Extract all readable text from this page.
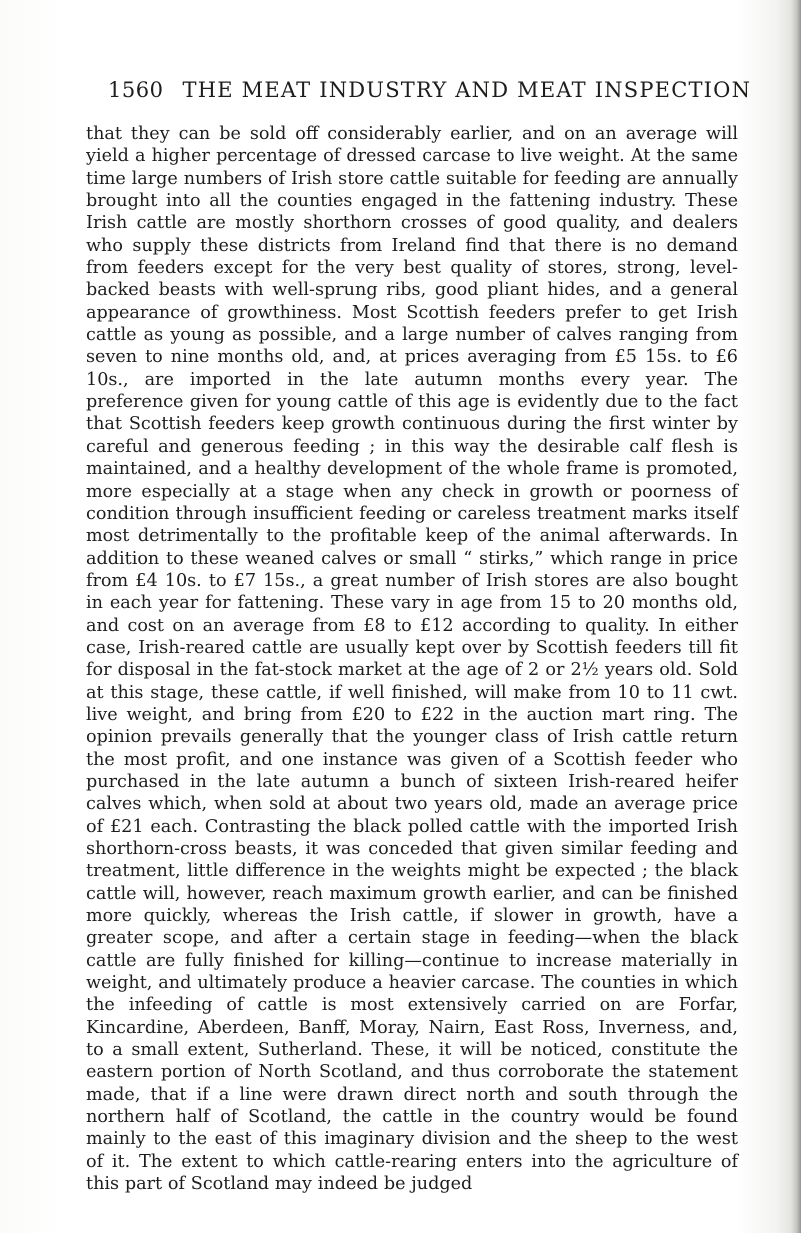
1560 THE MEAT INDUSTRY AND MEAT INSPECTION

that they can be sold off considerably earlier, and on an average will yield a higher percentage of dressed carcase to live weight. At the same time large numbers of Irish store cattle suitable for feeding are annually brought into all the counties engaged in the fattening industry. These Irish cattle are mostly shorthorn crosses of good quality, and dealers who supply these districts from Ireland find that there is no demand from feeders except for the very best quality of stores, strong, level-backed beasts with well-sprung ribs, good pliant hides, and a general appearance of growthiness. Most Scottish feeders prefer to get Irish cattle as young as possible, and a large number of calves ranging from seven to nine months old, and, at prices averaging from £5 15s. to £6 10s., are imported in the late autumn months every year. The preference given for young cattle of this age is evidently due to the fact that Scottish feeders keep growth continuous during the first winter by careful and generous feeding ; in this way the desirable calf flesh is maintained, and a healthy development of the whole frame is promoted, more especially at a stage when any check in growth or poorness of condition through insufficient feeding or careless treatment marks itself most detrimentally to the profitable keep of the animal afterwards. In addition to these weaned calves or small “ stirks,” which range in price from £4 10s. to £7 15s., a great number of Irish stores are also bought in each year for fattening. These vary in age from 15 to 20 months old, and cost on an average from £8 to £12 according to quality. In either case, Irish-reared cattle are usually kept over by Scottish feeders till fit for disposal in the fat-stock market at the age of 2 or 2½ years old. Sold at this stage, these cattle, if well finished, will make from 10 to 11 cwt. live weight, and bring from £20 to £22 in the auction mart ring. The opinion prevails generally that the younger class of Irish cattle return the most profit, and one instance was given of a Scottish feeder who purchased in the late autumn a bunch of sixteen Irish-reared heifer calves which, when sold at about two years old, made an average price of £21 each. Contrasting the black polled cattle with the imported Irish shorthorn-cross beasts, it was conceded that given similar feeding and treatment, little difference in the weights might be expected ; the black cattle will, however, reach maximum growth earlier, and can be finished more quickly, whereas the Irish cattle, if slower in growth, have a greater scope, and after a certain stage in feeding—when the black cattle are fully finished for killing—continue to increase materially in weight, and ultimately produce a heavier carcase. The counties in which the infeeding of cattle is most extensively carried on are Forfar, Kincardine, Aberdeen, Banff, Moray, Nairn, East Ross, Inverness, and, to a small extent, Sutherland. These, it will be noticed, constitute the eastern portion of North Scotland, and thus corroborate the statement made, that if a line were drawn direct north and south through the northern half of Scotland, the cattle in the country would be found mainly to the east of this imaginary division and the sheep to the west of it. The extent to which cattle-rearing enters into the agriculture of this part of Scotland may indeed be judged
